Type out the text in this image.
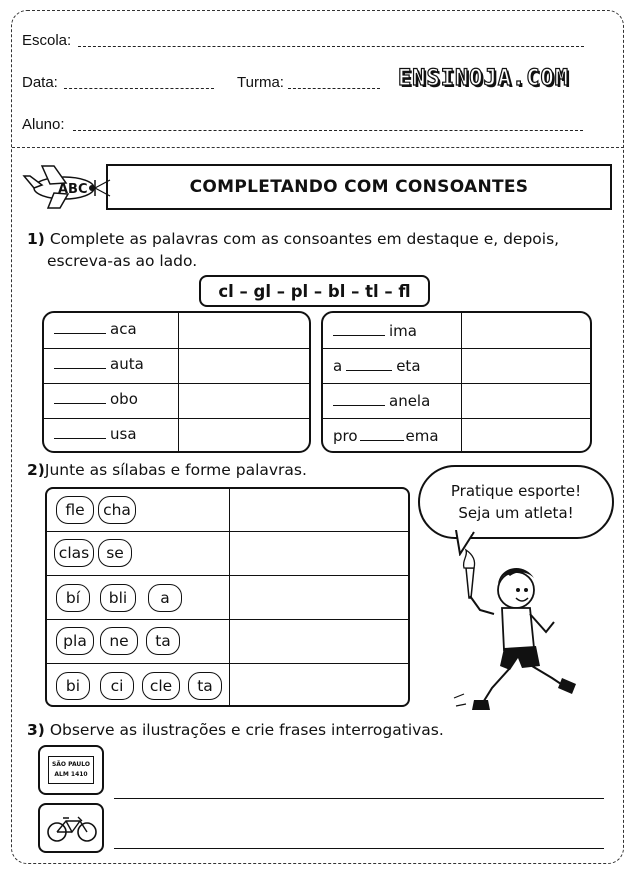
Escola:
Data:	Turma:	ENSINOJA.COM
Aluno:
ABC	COMPLETANDO COM CONSOANTES
1) Complete as palavras com as consoantes em destaque e, depois,
escreva-as ao lado.
cl – gl – pl – bl – tl – fl
aca
auta
obo
usa
ima
a	eta
anela
pro	ema
2)Junte as sílabas e forme palavras.
fle	cha
clas	se
bí	bli	a
pla	ne	ta
bi	ci	cle	ta
Pratique esporte!
Seja um atleta!
3) Observe as ilustrações e crie frases interrogativas.
SÃO PAULO
ALM 1410
